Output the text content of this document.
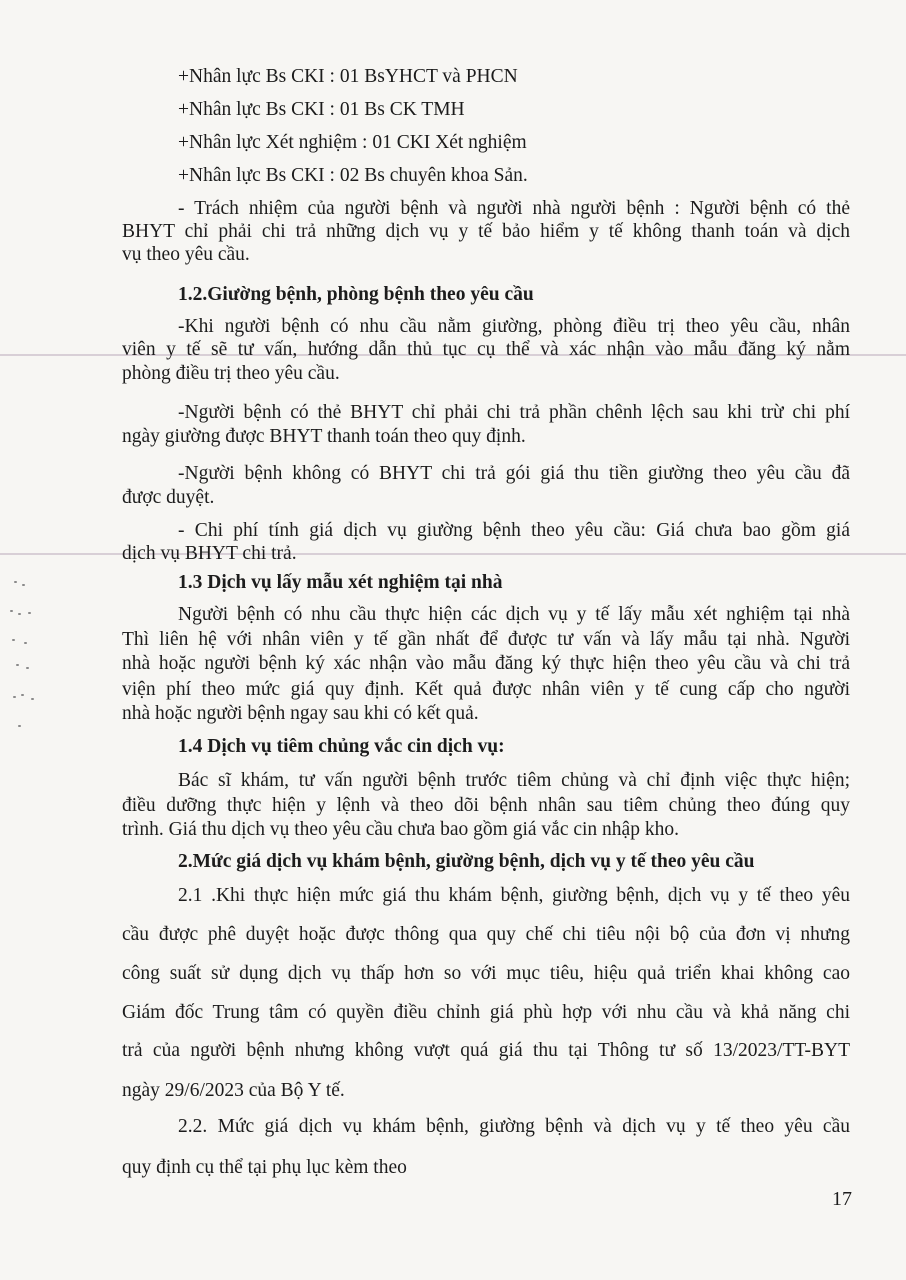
+Nhân lực Bs CKI : 01 BsYHCT và PHCN
+Nhân lực Bs CKI : 01 Bs CK TMH
+Nhân lực Xét nghiệm : 01 CKI Xét nghiệm
+Nhân lực Bs CKI : 02 Bs chuyên khoa Sản.
- Trách nhiệm của người bệnh và người nhà người bệnh : Người bệnh có thẻ
BHYT chỉ phải chi trả những dịch vụ y tế bảo hiểm y tế không thanh toán và dịch
vụ theo yêu cầu.
1.2.Giường bệnh, phòng bệnh theo yêu cầu
-Khi người bệnh có nhu cầu nằm giường, phòng điều trị theo yêu cầu, nhân
viên y tế sẽ tư vấn, hướng dẫn thủ tục cụ thể và xác nhận vào mẫu đăng ký nằm
phòng điều trị theo yêu cầu.
-Người bệnh có thẻ BHYT chỉ phải chi trả phần chênh lệch sau khi trừ chi phí
ngày giường được BHYT thanh toán theo quy định.
-Người bệnh không có BHYT chi trả gói giá thu tiền giường theo yêu cầu đã
được duyệt.
- Chi phí tính giá dịch vụ giường bệnh theo yêu cầu: Giá chưa bao gồm giá
dịch vụ BHYT chi trả.
1.3 Dịch vụ lấy mẫu xét nghiệm tại nhà
Người bệnh có nhu cầu thực hiện các dịch vụ y tế lấy mẫu xét nghiệm tại nhà
Thì liên hệ với nhân viên y tế gần nhất để được tư vấn và lấy mẫu tại nhà. Người
nhà hoặc người bệnh ký xác nhận vào mẫu đăng ký thực hiện theo yêu cầu và chi trả
viện phí theo mức giá quy định. Kết quả được nhân viên y tế cung cấp cho người
nhà hoặc người bệnh ngay sau khi có kết quả.
1.4 Dịch vụ tiêm chủng vắc cin dịch vụ:
Bác sĩ khám, tư vấn người bệnh trước tiêm chủng và chỉ định việc thực hiện;
điều dưỡng thực hiện y lệnh và theo dõi bệnh nhân sau tiêm chủng theo đúng quy
trình. Giá thu dịch vụ theo yêu cầu chưa bao gồm giá vắc cin nhập kho.
2.Mức giá dịch vụ khám bệnh, giường bệnh, dịch vụ y tế theo yêu cầu
2.1 .Khi thực hiện mức giá thu khám bệnh, giường bệnh, dịch vụ y tế theo yêu
cầu được phê duyệt hoặc được thông qua quy chế chi tiêu nội bộ của đơn vị nhưng
công suất sử dụng dịch vụ thấp hơn so với mục tiêu, hiệu quả triển khai không cao
Giám đốc Trung tâm có quyền điều chỉnh giá phù hợp với nhu cầu và khả năng chi
trả của người bệnh nhưng không vượt quá giá thu tại Thông tư số 13/2023/TT-BYT
ngày 29/6/2023 của Bộ Y tế.
2.2. Mức giá dịch vụ khám bệnh, giường bệnh và dịch vụ y tế theo yêu cầu
quy định cụ thể tại phụ lục kèm theo
17
